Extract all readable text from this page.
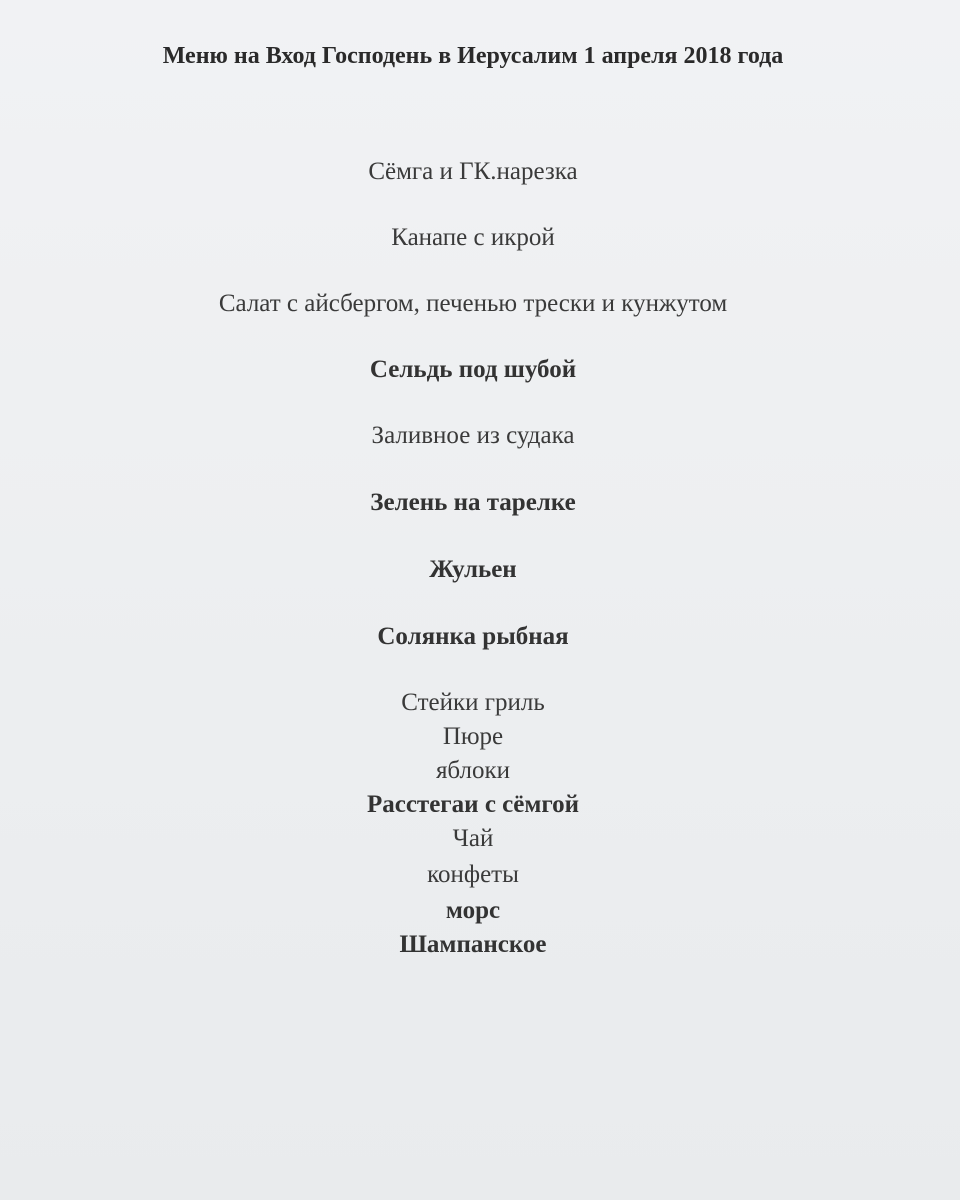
Меню на Вход Господень в Иерусалим 1 апреля 2018 года
Сёмга и ГК.нарезка
Канапе с икрой
Салат с айсбергом, печенью трески и кунжутом
Сельдь под шубой
Заливное из судака
Зелень на тарелке
Жульен
Солянка рыбная
Стейки гриль
Пюре
яблоки
Расстегаи с сёмгой
Чай
конфеты
морс
Шампанское
